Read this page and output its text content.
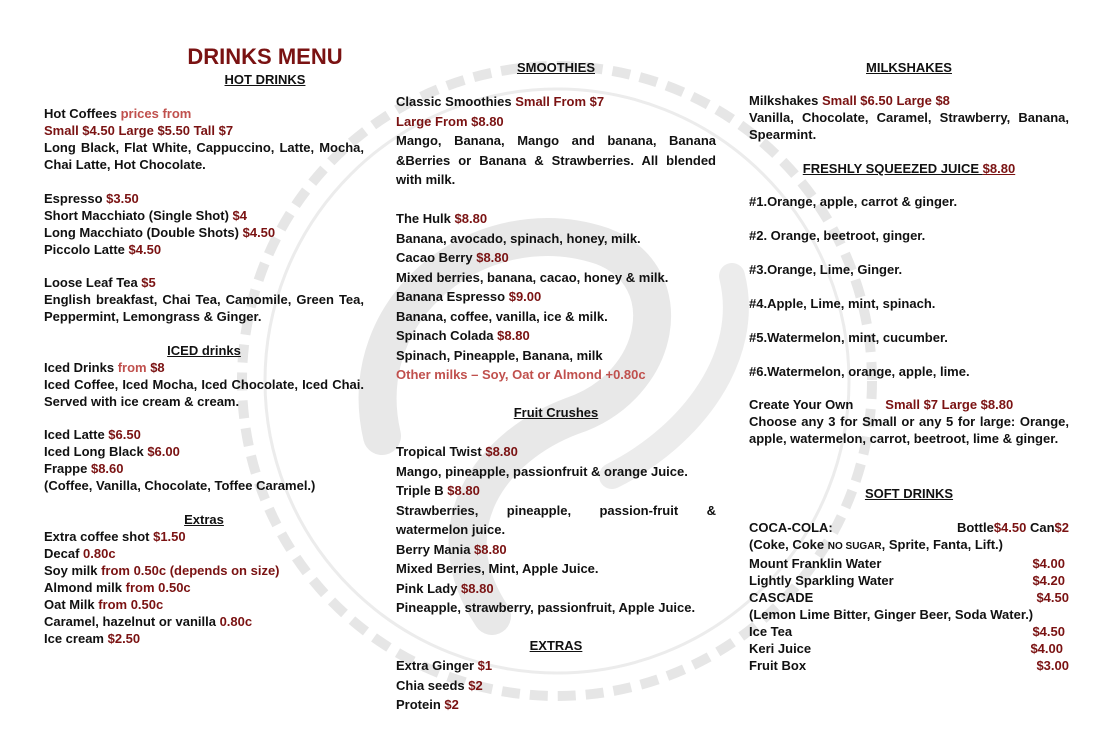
DRINKS MENU
HOT DRINKS

Hot Coffees prices from

Small $4.50 Large $5.50 Tall $7

Long Black, Flat White, Cappuccino, Latte, Mocha, Chai Latte, Hot Chocolate.

Espresso $3.50

Short Macchiato (Single Shot) $4

Long Macchiato (Double Shots) $4.50

Piccolo Latte $4.50

Loose Leaf Tea $5

English breakfast, Chai Tea, Camomile, Green Tea, Peppermint, Lemongrass & Ginger.

ICED drinks

Iced Drinks from $8

Iced Coffee, Iced Mocha, Iced Chocolate, Iced Chai. Served with ice cream & cream.

Iced Latte $6.50

Iced Long Black $6.00

Frappe $8.60

(Coffee, Vanilla, Chocolate, Toffee Caramel.)

Extras

Extra coffee shot $1.50

Decaf 0.80c

Soy milk from 0.50c (depends on size)

Almond milk from 0.50c

Oat Milk from 0.50c

Caramel, hazelnut or vanilla 0.80c

Ice cream $2.50

SMOOTHIES

Classic Smoothies Small From $7

Large From $8.80

Mango, Banana, Mango and banana, Banana &Berries or Banana & Strawberries. All blended with milk.

The Hulk $8.80

Banana, avocado, spinach, honey, milk.

Cacao Berry $8.80

Mixed berries, banana, cacao, honey & milk.

Banana Espresso $9.00

Banana, coffee, vanilla, ice & milk.

Spinach Colada $8.80

Spinach, Pineapple, Banana, milk

Other milks – Soy, Oat or Almond +0.80c

Fruit Crushes

Tropical Twist $8.80

Mango, pineapple, passionfruit & orange Juice.

Triple B $8.80

Strawberries, pineapple, passion-fruit & watermelon juice.

Berry Mania $8.80

Mixed Berries, Mint, Apple Juice.

Pink Lady $8.80

Pineapple, strawberry, passionfruit, Apple Juice.

EXTRAS

Extra Ginger $1

Chia seeds $2

Protein $2

MILKSHAKES

Milkshakes Small $6.50 Large $8

Vanilla, Chocolate, Caramel, Strawberry, Banana, Spearmint.

FRESHLY SQUEEZED JUICE $8.80

#1.Orange, apple, carrot & ginger.

#2. Orange, beetroot, ginger.

#3.Orange, Lime, Ginger.

#4.Apple, Lime, mint, spinach.

#5.Watermelon, mint, cucumber.

#6.Watermelon, orange, apple, lime.

Create Your Own Small $7 Large $8.80

Choose any 3 for Small or any 5 for large: Orange, apple, watermelon, carrot, beetroot, lime & ginger.

SOFT DRINKS
COCA-COLA:	Bottle$4.50 Can$2

(Coke, Coke NO SUGAR, Sprite, Fanta, Lift.)

Mount Franklin Water	$4.00
Lightly Sparkling Water	$4.20
CASCADE	$4.50

(Lemon Lime Bitter, Ginger Beer, Soda Water.)

Ice Tea	$4.50
Keri Juice	$4.00
Fruit Box	$3.00
